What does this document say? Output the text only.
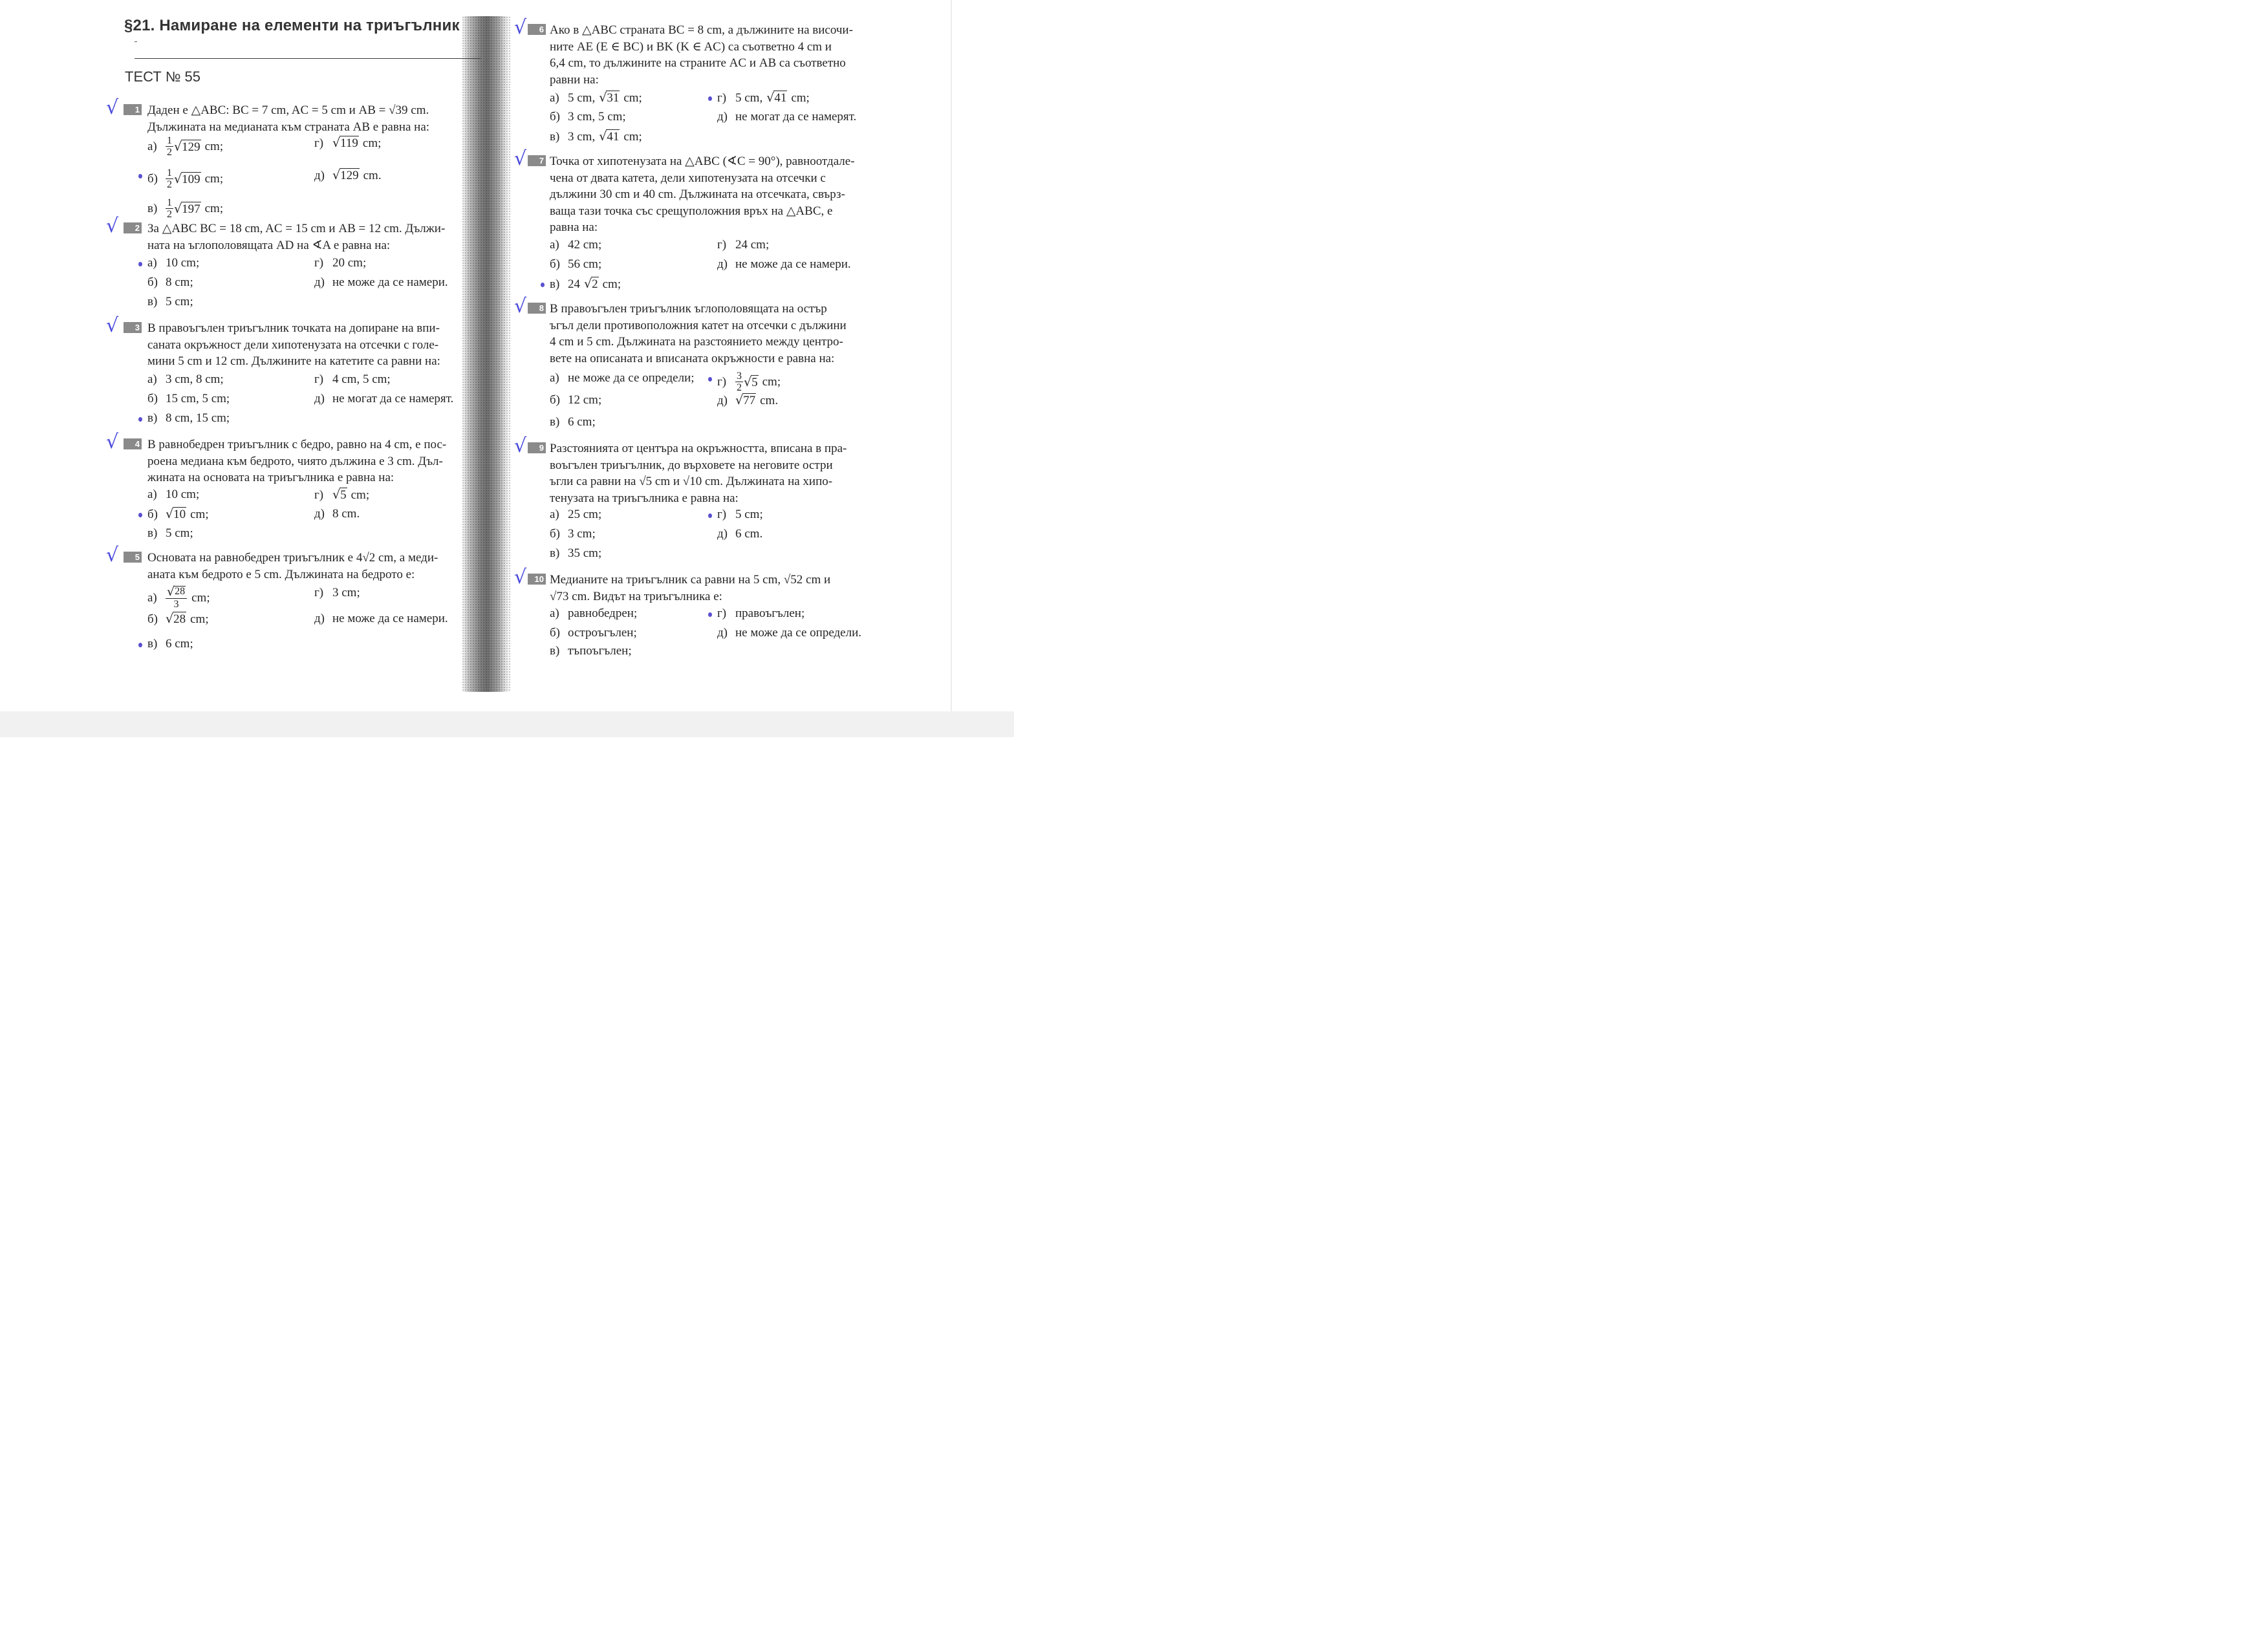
§21. Намиране на елементи на триъгълник
ТЕСТ № 55
√	1 Даден е △ABC: BC = 7 cm, AC = 5 cm и AB = √39 cm.
Дължината на медианата към страната AB е равна на:
$а) \frac{1}{2}$ √ 129 cm;	г) √ 119 cm;
$б) \frac{1}{2}$ √ 109 cm;	д) √ 129 cm.
$в) \frac{1}{2}$ √ 197 cm;
√	2 За △ABC BC = 18 cm, AC = 15 cm и AB = 12 cm. Дължи-
ната на ъглополовящата AD на ∢A е равна на:
а) 10 cm;	г) 20 cm;
б) 8 cm;	д) не може да се намери.
в) 5 cm;
√	3 В правоъгълен триъгълник точката на допиране на впи-
сaната окръжност дели хипотенузата на отсечки с голе-
мини 5 cm и 12 cm. Дължините на катетите са равни на:
а) 3 cm, 8 cm;	г) 4 cm, 5 cm;
б) 15 cm, 5 cm;	д) не могат да се намерят.
в) 8 cm, 15 cm;
√	4 В равнобедрен триъгълник с бедро, равно на 4 cm, е пос-
роена медиана към бедрото, чиято дължина е 3 cm. Дъл-
жината на основата на триъгълника е равна на:
а) 10 cm;	г) √ 5 cm;
б) √ 10 cm;	д) 8 cm.
в) 5 cm;
√	5 Основата на равнобедрен триъгълник е 4√2 cm, а меди-
аната към бедрото е 5 cm. Дължината на бедрото е:
$а) \frac{√ 28}{3}$ cm;	г) 3 cm;
б) √ 28 cm;	д) не може да се намери.
в) 6 cm;
√	6 Ако в △ABC страната BC = 8 cm, а дължините на височи-
ните AE (E ∈ BC) и BK (K ∈ AC) са съответно 4 cm и
6,4 cm, то дължините на страните AC и AB са съответно
равни на:
а) 5 cm, √ 31 cm;	г) 5 cm, √ 41 cm;
б) 3 cm, 5 cm;	д) не могат да се намерят.
в) 3 cm, √ 41 cm;
√	7 Точка от хипотенузата на △ABC (∢C = 90°), равноотдале-
чена от двата катета, дели хипотенузата на отсечки с
дължини 30 cm и 40 cm. Дължината на отсечката, свърз-
ваща тази точка със срещуположния връх на △ABC, е
равна на:
а) 42 cm;	г) 24 cm;
б) 56 cm;	д) не може да се намери.
в) 24 √ 2 cm;
√	8 В правоъгълен триъгълник ъглополовящата на остър
ъгъл дели противоположния катет на отсечки с дължини
4 cm и 5 cm. Дължината на разстоянието между центро-
вете на описаната и вписаната окръжности е равна на:
а) не може да се определи; $г) \frac{3}{2}$ √ 5 cm;
б) 12 cm;	д) √ 77 cm.
в) 6 cm;
√	9 Разстоянията от центъра на окръжността, вписана в пра-
воъгълен триъгълник, до върховете на неговите остри
ъгли са равни на √5 cm и √10 cm. Дължината на хипо-
тенузата на триъгълника е равна на:
а) 25 cm;	г) 5 cm;
б) 3 cm;	д) 6 cm.
в) 35 cm;
√ 10 Медианите на триъгълник са равни на 5 cm, √52 cm и
√73 cm. Видът на триъгълника е:
а) равнобедрен;	г) правоъгълен;
б) остроъгълен;	д) не може да се определи.
в) тъпоъгълен;
